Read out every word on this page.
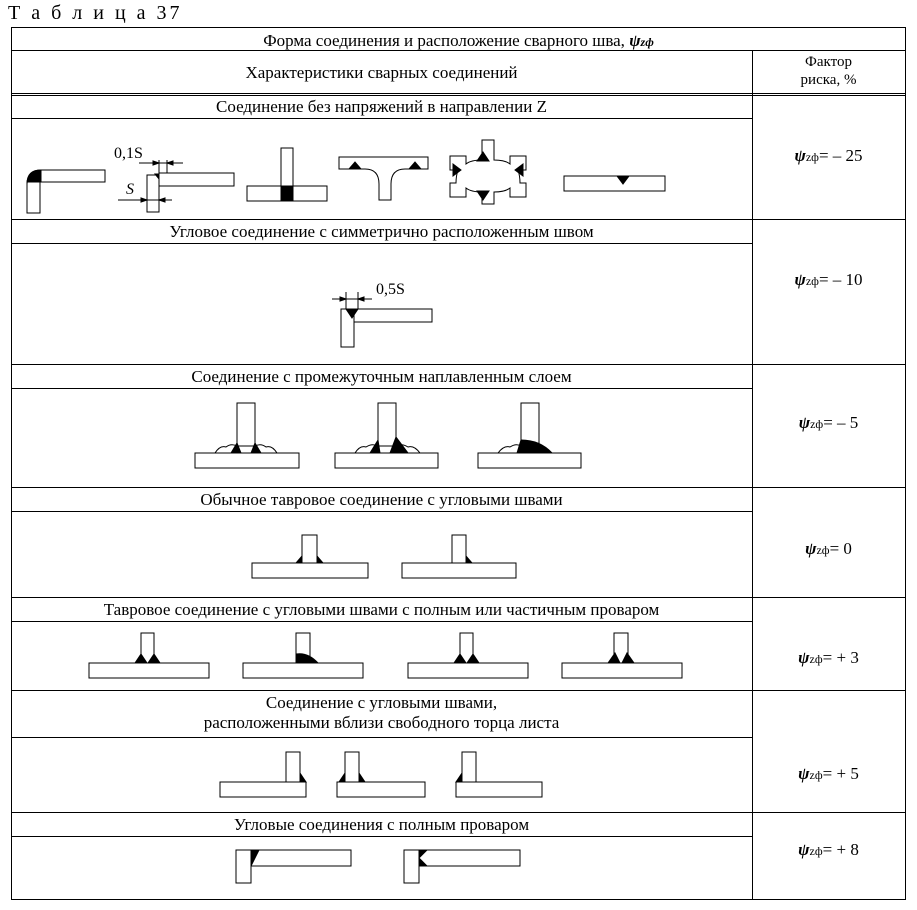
Т а б л и ц а 37
Форма соединения и расположение сварного шва, ψzф
Характеристики сварных соединений
Фактор
риска, %
Соединение без напряжений в направлении Z
Угловое соединение с симметрично расположенным швом
Соединение с промежуточным наплавленным слоем
Обычное тавровое соединение с угловыми швами
Тавровое соединение с угловыми швами с полным или частичным проваром
Соединение с угловыми швами,
расположенными вблизи свободного торца листа
Угловые соединения с полным проваром
ψzф= – 25
ψzф= – 10
ψzф= – 5
ψzф= 0
ψzф= + 3
ψzф= + 5
ψzф= + 8
0,1S
S
0,5S
